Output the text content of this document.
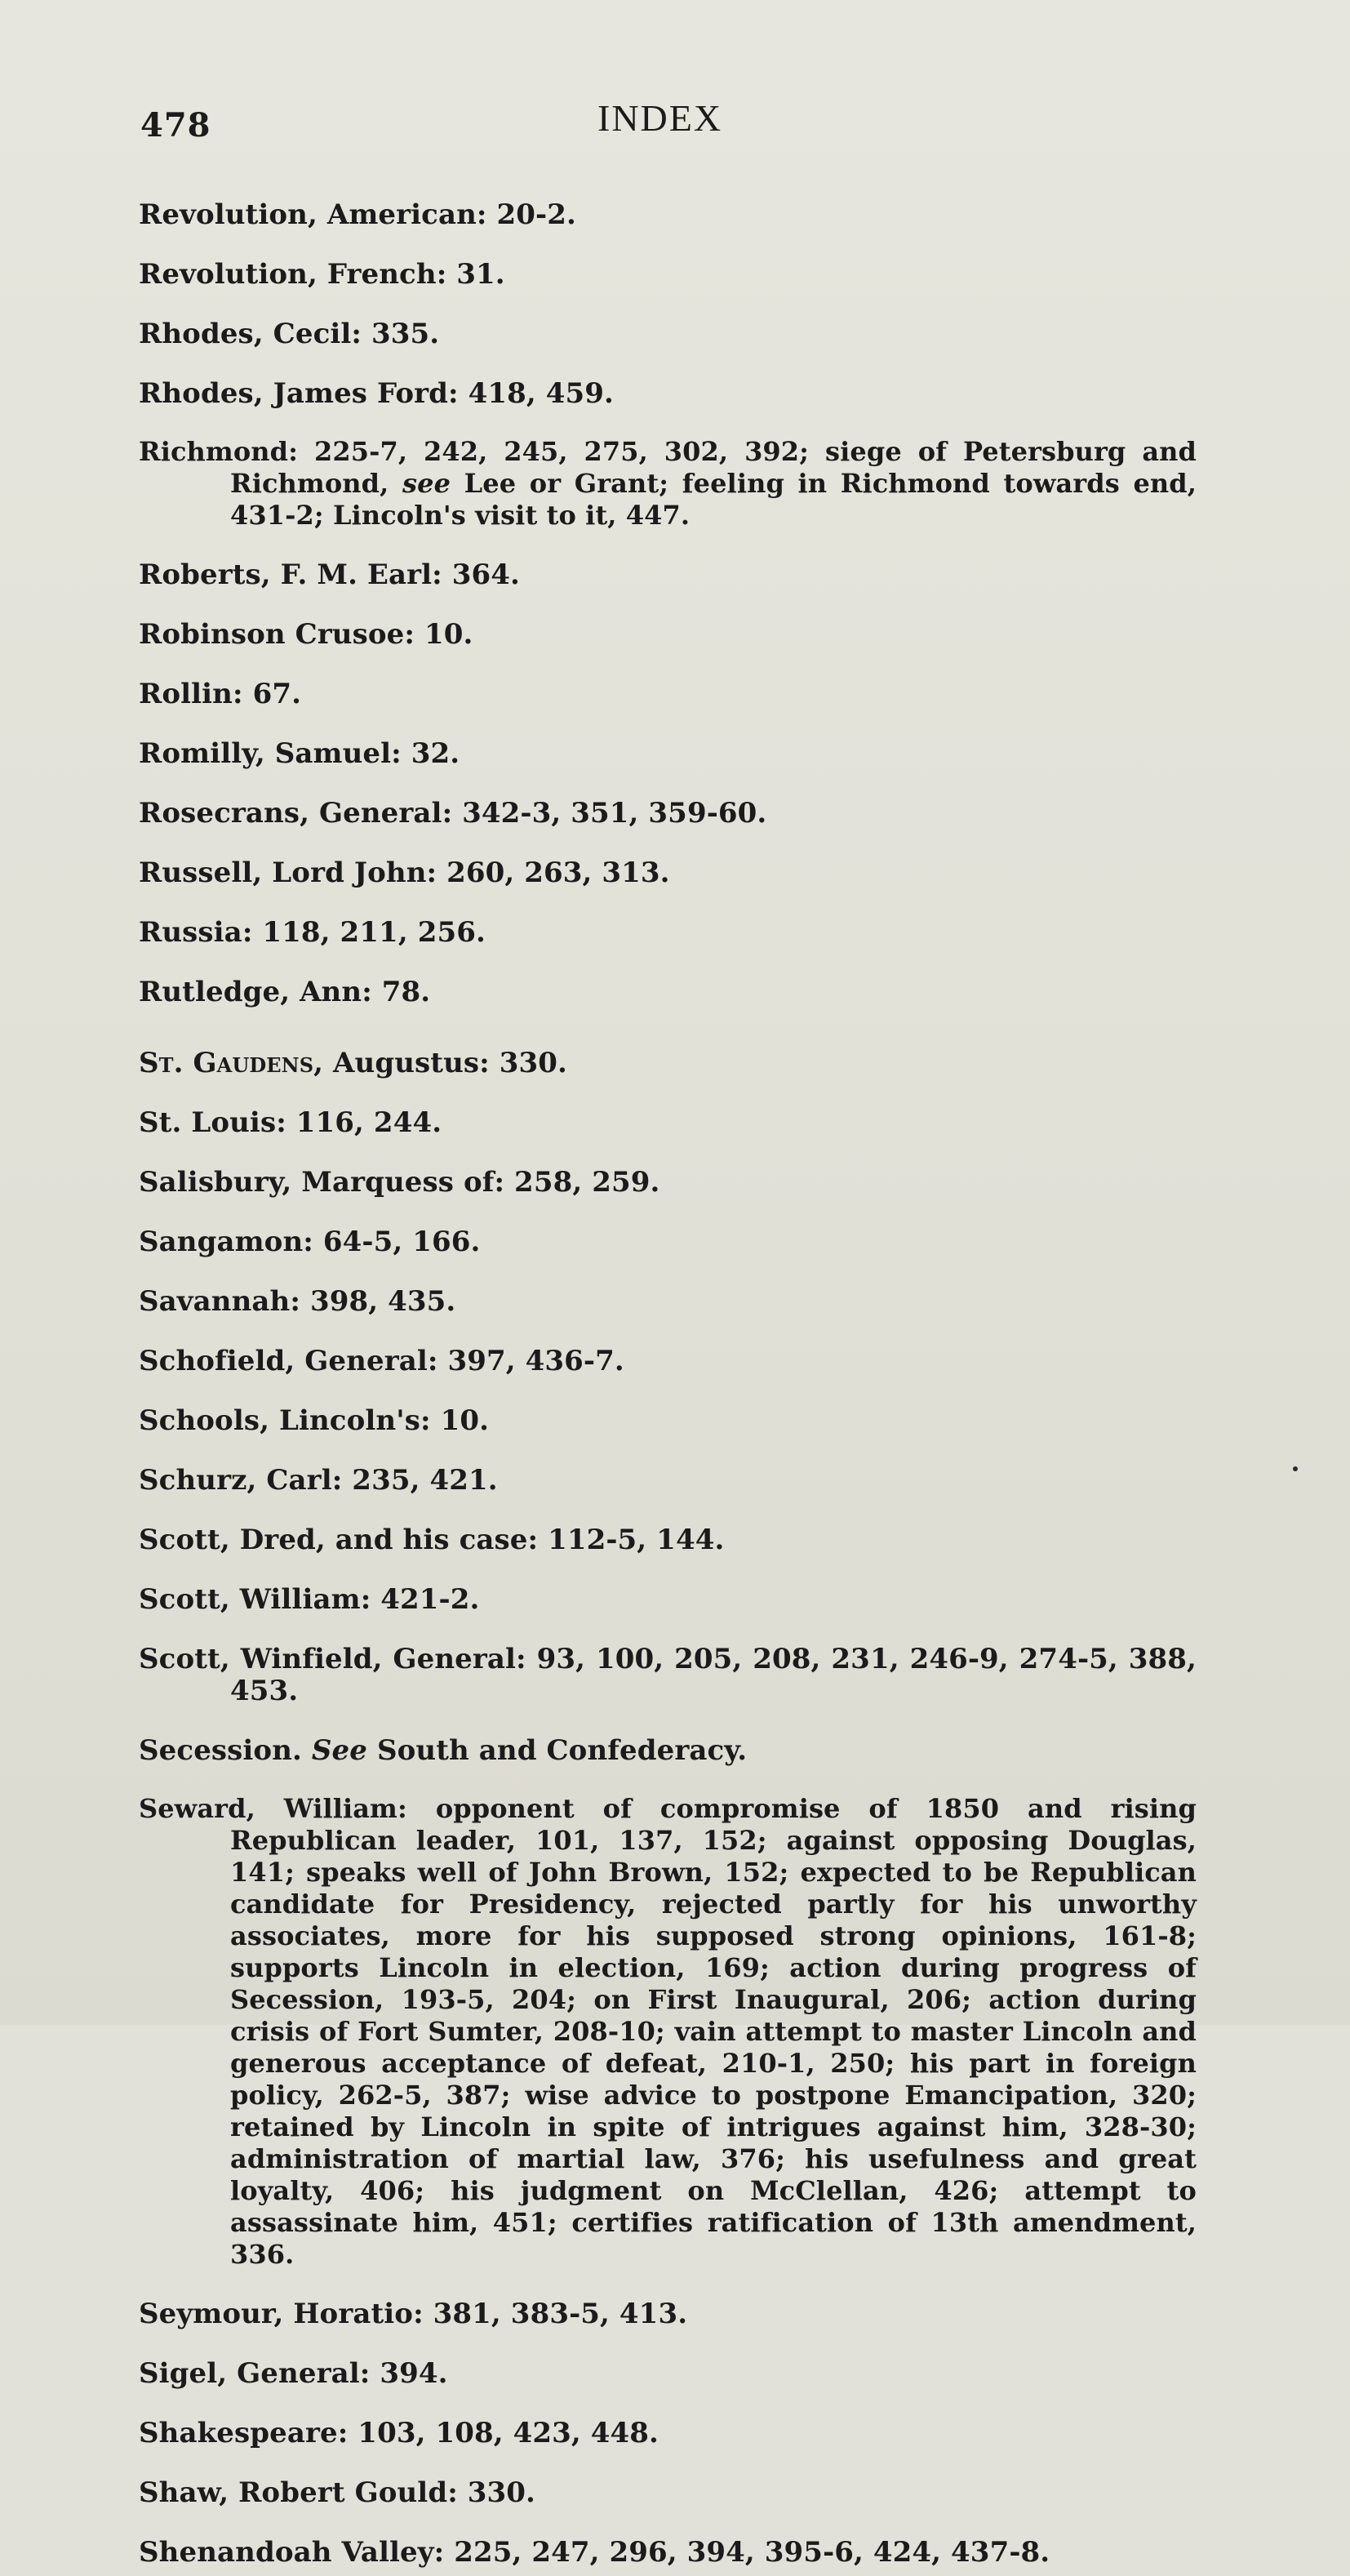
478	INDEX

Revolution, American: 20-2.

Revolution, French: 31.

Rhodes, Cecil: 335.

Rhodes, James Ford: 418, 459.

Richmond: 225-7, 242, 245, 275, 302, 392; siege of Petersburg and Richmond, see Lee or Grant; feeling in Richmond towards end, 431-2; Lincoln's visit to it, 447.

Roberts, F. M. Earl: 364.

Robinson Crusoe: 10.

Rollin: 67.

Romilly, Samuel: 32.

Rosecrans, General: 342-3, 351, 359-60.

Russell, Lord John: 260, 263, 313.

Russia: 118, 211, 256.

Rutledge, Ann: 78.

St. Gaudens, Augustus: 330.

St. Louis: 116, 244.

Salisbury, Marquess of: 258, 259.

Sangamon: 64-5, 166.

Savannah: 398, 435.

Schofield, General: 397, 436-7.

Schools, Lincoln's: 10.

Schurz, Carl: 235, 421.

Scott, Dred, and his case: 112-5, 144.

Scott, William: 421-2.

Scott, Winfield, General: 93, 100, 205, 208, 231, 246-9, 274-5, 388, 453.

Secession. See South and Confederacy.

Seward, William: opponent of compromise of 1850 and rising Republican leader, 101, 137, 152; against opposing Douglas, 141; speaks well of John Brown, 152; expected to be Republican candidate for Presidency, rejected partly for his unworthy associates, more for his supposed strong opinions, 161-8; supports Lincoln in election, 169; action during progress of Secession, 193-5, 204; on First Inaugural, 206; action during crisis of Fort Sumter, 208-10; vain attempt to master Lincoln and generous acceptance of defeat, 210-1, 250; his part in foreign policy, 262-5, 387; wise advice to postpone Emancipation, 320; retained by Lincoln in spite of intrigues against him, 328-30; administration of martial law, 376; his usefulness and great loyalty, 406; his judgment on McClellan, 426; attempt to assassinate him, 451; certifies ratification of 13th amendment, 336.

Seymour, Horatio: 381, 383-5, 413.

Sigel, General: 394.

Shakespeare: 103, 108, 423, 448.

Shaw, Robert Gould: 330.

Shenandoah Valley: 225, 247, 296, 394, 395-6, 424, 437-8.
